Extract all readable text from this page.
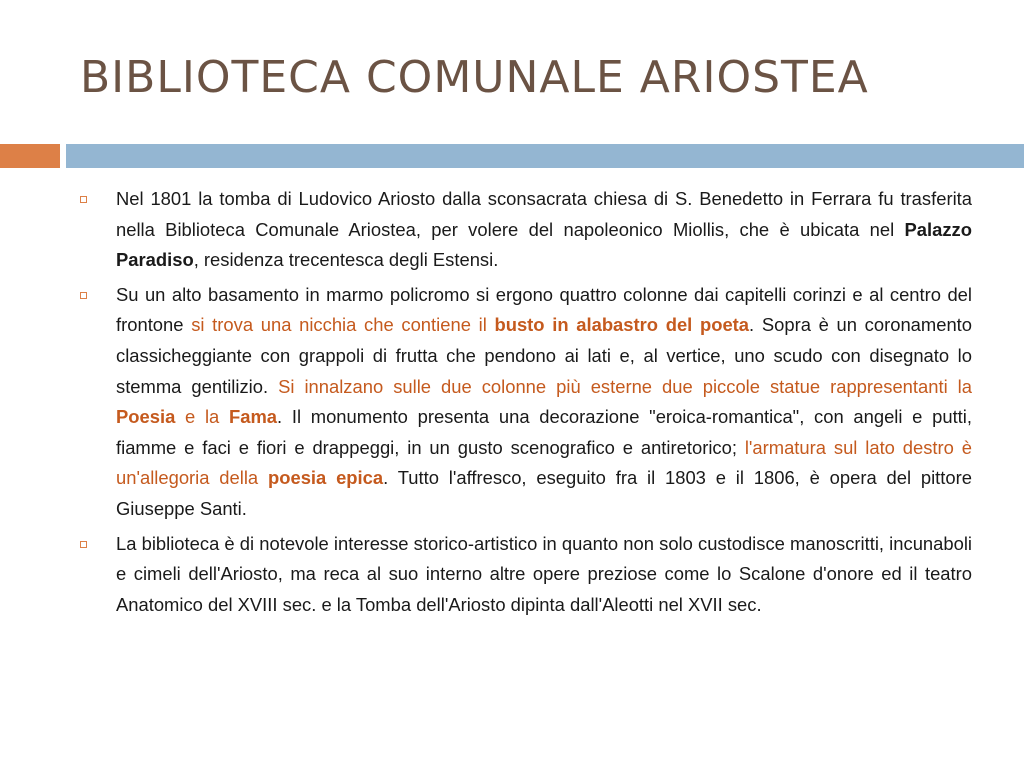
BIBLIOTECA COMUNALE ARIOSTEA
Nel 1801 la tomba di Ludovico Ariosto dalla sconsacrata chiesa di S. Benedetto in Ferrara fu trasferita nella Biblioteca Comunale Ariostea, per volere del napoleonico Miollis, che è ubicata nel Palazzo Paradiso, residenza trecentesca degli Estensi.
Su un alto basamento in marmo policromo si ergono quattro colonne dai capitelli corinzi e al centro del frontone si trova una nicchia che contiene il busto in alabastro del poeta. Sopra è un coronamento classicheggiante con grappoli di frutta che pendono ai lati e, al vertice, uno scudo con disegnato lo stemma gentilizio. Si innalzano sulle due colonne più esterne due piccole statue rappresentanti la Poesia e la Fama. Il monumento presenta una decorazione "eroica-romantica", con angeli e putti, fiamme e faci e fiori e drappeggi, in un gusto scenografico e antiretorico; l'armatura sul lato destro è un'allegoria della poesia epica. Tutto l'affresco, eseguito fra il 1803 e il 1806, è opera del pittore Giuseppe Santi.
La biblioteca è di notevole interesse storico-artistico in quanto non solo custodisce manoscritti, incunaboli e cimeli dell'Ariosto, ma reca al suo interno altre opere preziose come lo Scalone d'onore ed il teatro Anatomico del XVIII sec. e la Tomba dell'Ariosto dipinta dall'Aleotti nel XVII sec.
